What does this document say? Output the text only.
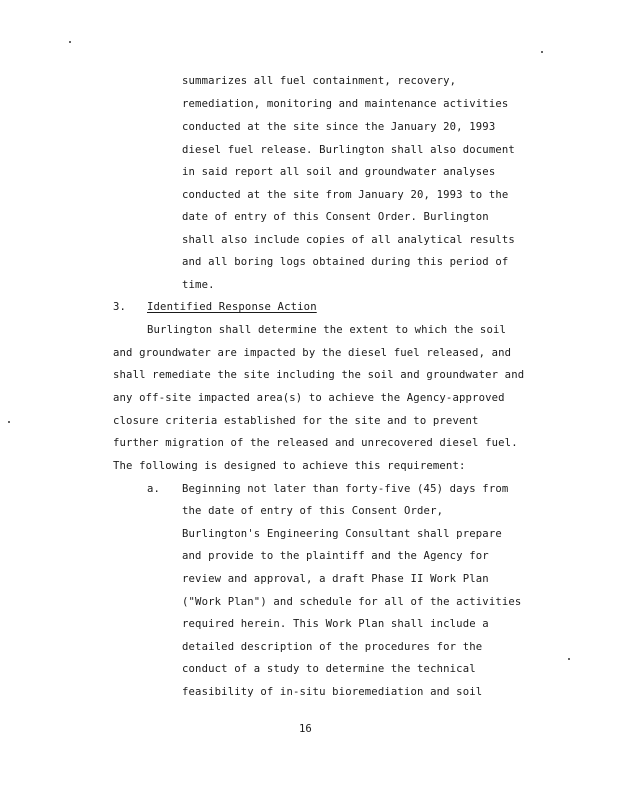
summarizes all fuel containment, recovery,
remediation, monitoring and maintenance activities
conducted at the site since the January 20, 1993
diesel fuel release. Burlington shall also document
in said report all soil and groundwater analyses
conducted at the site from January 20, 1993 to the
date of entry of this Consent Order. Burlington
shall also include copies of all analytical results
and all boring logs obtained during this period of
time.
3. Identified Response Action
Burlington shall determine the extent to which the soil
and groundwater are impacted by the diesel fuel released, and
shall remediate the site including the soil and groundwater and
any off-site impacted area(s) to achieve the Agency-approved
closure criteria established for the site and to prevent
further migration of the released and unrecovered diesel fuel.
The following is designed to achieve this requirement:
a. Beginning not later than forty-five (45) days from
the date of entry of this Consent Order,
Burlington's Engineering Consultant shall prepare
and provide to the plaintiff and the Agency for
review and approval, a draft Phase II Work Plan
("Work Plan") and schedule for all of the activities
required herein. This Work Plan shall include a
detailed description of the procedures for the
conduct of a study to determine the technical
feasibility of in-situ bioremediation and soil
16
